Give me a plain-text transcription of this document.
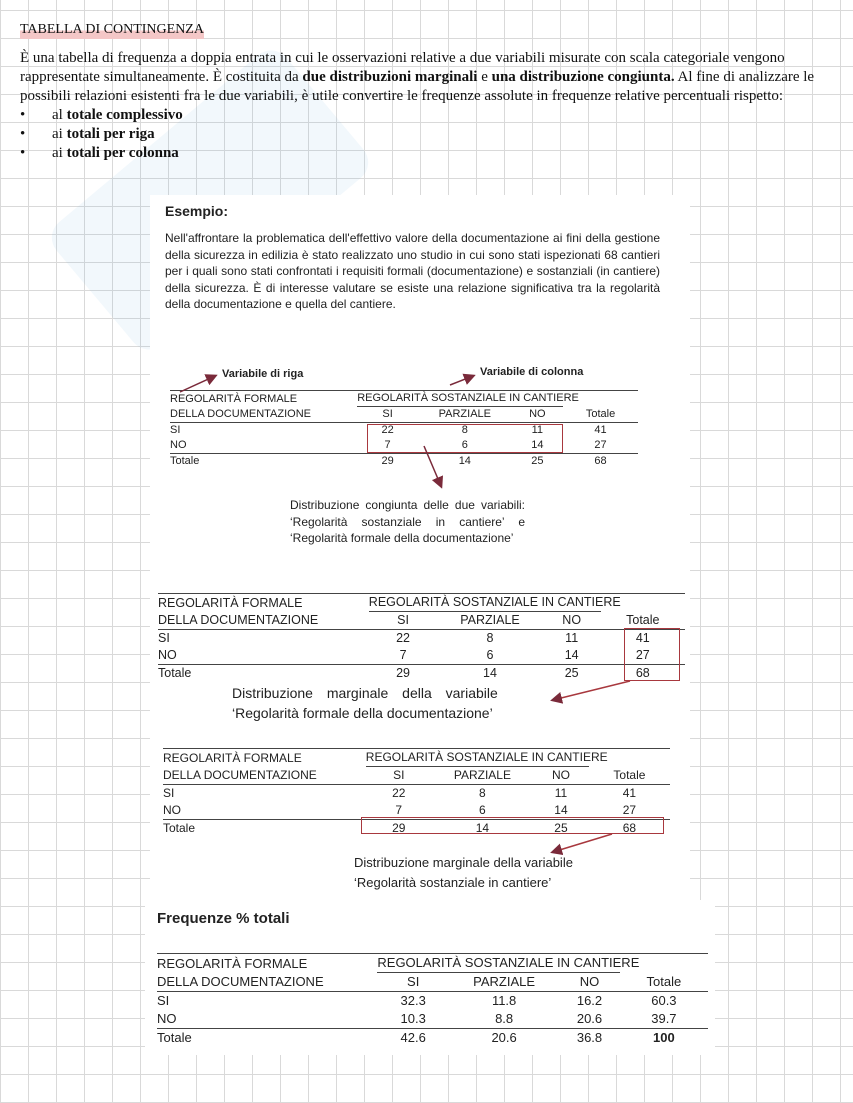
TABELLA DI CONTINGENZA

È una tabella di frequenza a doppia entrata in cui le osservazioni relative a due variabili misurate con scala categoriale vengono rappresentate simultaneamente. È costituita da due distribuzioni marginali e una distribuzione congiunta. Al fine di analizzare le possibili relazioni esistenti fra le due variabili, è utile convertire le frequenze assolute in frequenze relative percentuali rispetto:

•	al
totale complessivo
•	ai
totali per riga
•	ai
totali per colonna
Esempio:
Nell'affrontare la problematica dell'effettivo valore della documentazione ai fini della gestione della sicurezza in edilizia è stato realizzato uno studio in cui sono stati ispezionati 68 cantieri per i quali sono stati confrontati i requisiti formali (documentazione) e sostanziali (in cantiere) della sicurezza. È di interesse valutare se esiste una relazione significativa tra la regolarità della documentazione e quella del cantiere.
Variabile di riga	Variabile di colonna
REGOLARITÀ FORMALE	REGOLARITÀ SOSTANZIALE IN CANTIERE
DELLA DOCUMENTAZIONE	SI	PARZIALE	NO	Totale
SI	22	8	11	41
NO	7	6	14	27
Totale	29	14	25	68
REGOLARITÀ FORMALE	REGOLARITÀ SOSTANZIALE IN CANTIERE
DELLA DOCUMENTAZIONE	SI	PARZIALE	NO	Totale
SI	22	8	11	41
NO	7	6	14	27
Totale	29	14	25	68
REGOLARITÀ FORMALE	REGOLARITÀ SOSTANZIALE IN CANTIERE
DELLA DOCUMENTAZIONE	SI	PARZIALE	NO	Totale
SI	22	8	11	41
NO	7	6	14	27
Totale	29	14	25	68
REGOLARITÀ FORMALE	REGOLARITÀ SOSTANZIALE IN CANTIERE
DELLA DOCUMENTAZIONE	SI	PARZIALE	NO	Totale
SI	32.3	11.8	16.2	60.3
NO	10.3	8.8	20.6	39.7
Totale	42.6	20.6	36.8	100
Distribuzione congiunta delle due variabili: ‘Regolarità sostanziale in cantiere’ e ‘Regolarità formale della documentazione’
Distribuzione marginale della variabile
‘Regolarità formale della documentazione’
Distribuzione marginale della variabile
‘Regolarità sostanziale in cantiere’
Frequenze % totali
